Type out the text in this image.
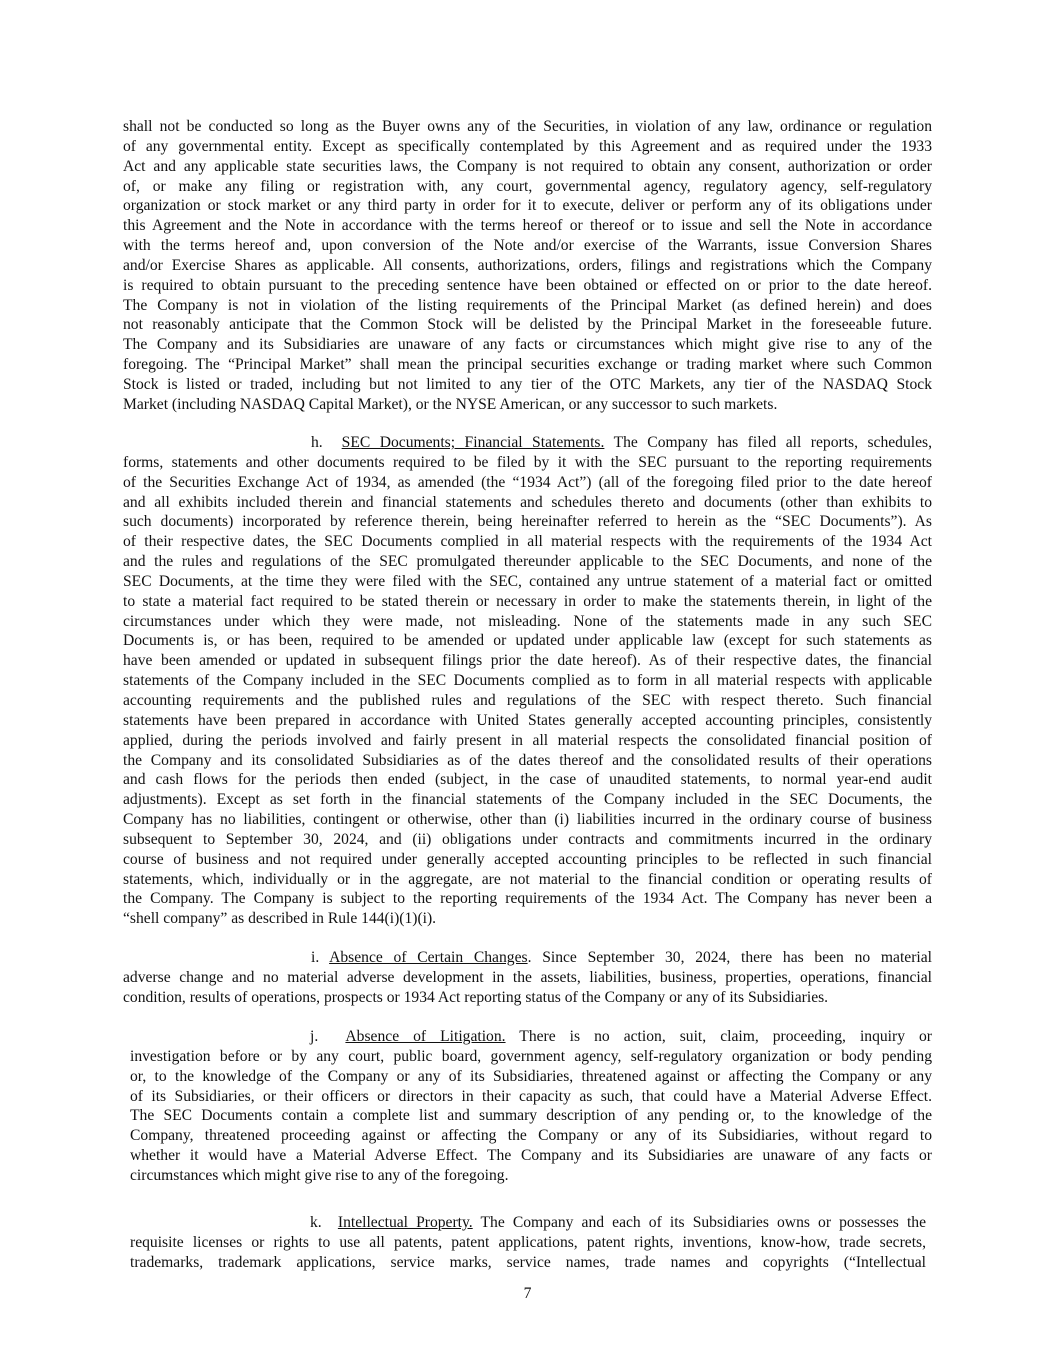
shall not be conducted so long as the Buyer owns any of the Securities, in violation of any law, ordinance or regulation
of any governmental entity. Except as specifically contemplated by this Agreement and as required under the 1933
Act and any applicable state securities laws, the Company is not required to obtain any consent, authorization or order
of, or make any filing or registration with, any court, governmental agency, regulatory agency, self-regulatory
organization or stock market or any third party in order for it to execute, deliver or perform any of its obligations under
this Agreement and the Note in accordance with the terms hereof or thereof or to issue and sell the Note in accordance
with the terms hereof and, upon conversion of the Note and/or exercise of the Warrants, issue Conversion Shares
and/or Exercise Shares as applicable. All consents, authorizations, orders, filings and registrations which the Company
is required to obtain pursuant to the preceding sentence have been obtained or effected on or prior to the date hereof.
The Company is not in violation of the listing requirements of the Principal Market (as defined herein) and does
not reasonably anticipate that the Common Stock will be delisted by the Principal Market in the foreseeable future.
The Company and its Subsidiaries are unaware of any facts or circumstances which might give rise to any of the
foregoing. The “Principal Market” shall mean the principal securities exchange or trading market where such Common
Stock is listed or traded, including but not limited to any tier of the OTC Markets, any tier of the NASDAQ Stock
Market (including NASDAQ Capital Market), or the NYSE American, or any successor to such markets.
h. SEC Documents; Financial Statements. The Company has filed all reports, schedules,
forms, statements and other documents required to be filed by it with the SEC pursuant to the reporting requirements
of the Securities Exchange Act of 1934, as amended (the “1934 Act”) (all of the foregoing filed prior to the date hereof
and all exhibits included therein and financial statements and schedules thereto and documents (other than exhibits to
such documents) incorporated by reference therein, being hereinafter referred to herein as the “SEC Documents”). As
of their respective dates, the SEC Documents complied in all material respects with the requirements of the 1934 Act
and the rules and regulations of the SEC promulgated thereunder applicable to the SEC Documents, and none of the
SEC Documents, at the time they were filed with the SEC, contained any untrue statement of a material fact or omitted
to state a material fact required to be stated therein or necessary in order to make the statements therein, in light of the
circumstances under which they were made, not misleading. None of the statements made in any such SEC
Documents is, or has been, required to be amended or updated under applicable law (except for such statements as
have been amended or updated in subsequent filings prior the date hereof). As of their respective dates, the financial
statements of the Company included in the SEC Documents complied as to form in all material respects with applicable
accounting requirements and the published rules and regulations of the SEC with respect thereto. Such financial
statements have been prepared in accordance with United States generally accepted accounting principles, consistently
applied, during the periods involved and fairly present in all material respects the consolidated financial position of
the Company and its consolidated Subsidiaries as of the dates thereof and the consolidated results of their operations
and cash flows for the periods then ended (subject, in the case of unaudited statements, to normal year-end audit
adjustments). Except as set forth in the financial statements of the Company included in the SEC Documents, the
Company has no liabilities, contingent or otherwise, other than (i) liabilities incurred in the ordinary course of business
subsequent to September 30, 2024, and (ii) obligations under contracts and commitments incurred in the ordinary
course of business and not required under generally accepted accounting principles to be reflected in such financial
statements, which, individually or in the aggregate, are not material to the financial condition or operating results of
the Company. The Company is subject to the reporting requirements of the 1934 Act. The Company has never been a
“shell company” as described in Rule 144(i)(1)(i).
i. Absence of Certain Changes. Since September 30, 2024, there has been no material
adverse change and no material adverse development in the assets, liabilities, business, properties, operations, financial
condition, results of operations, prospects or 1934 Act reporting status of the Company or any of its Subsidiaries.
j. Absence of Litigation. There is no action, suit, claim, proceeding, inquiry or
investigation before or by any court, public board, government agency, self-regulatory organization or body pending
or, to the knowledge of the Company or any of its Subsidiaries, threatened against or affecting the Company or any
of its Subsidiaries, or their officers or directors in their capacity as such, that could have a Material Adverse Effect.
The SEC Documents contain a complete list and summary description of any pending or, to the knowledge of the
Company, threatened proceeding against or affecting the Company or any of its Subsidiaries, without regard to
whether it would have a Material Adverse Effect. The Company and its Subsidiaries are unaware of any facts or
circumstances which might give rise to any of the foregoing.
k. Intellectual Property. The Company and each of its Subsidiaries owns or possesses the
requisite licenses or rights to use all patents, patent applications, patent rights, inventions, know-how, trade secrets,
trademarks, trademark applications, service marks, service names, trade names and copyrights (“Intellectual
7
